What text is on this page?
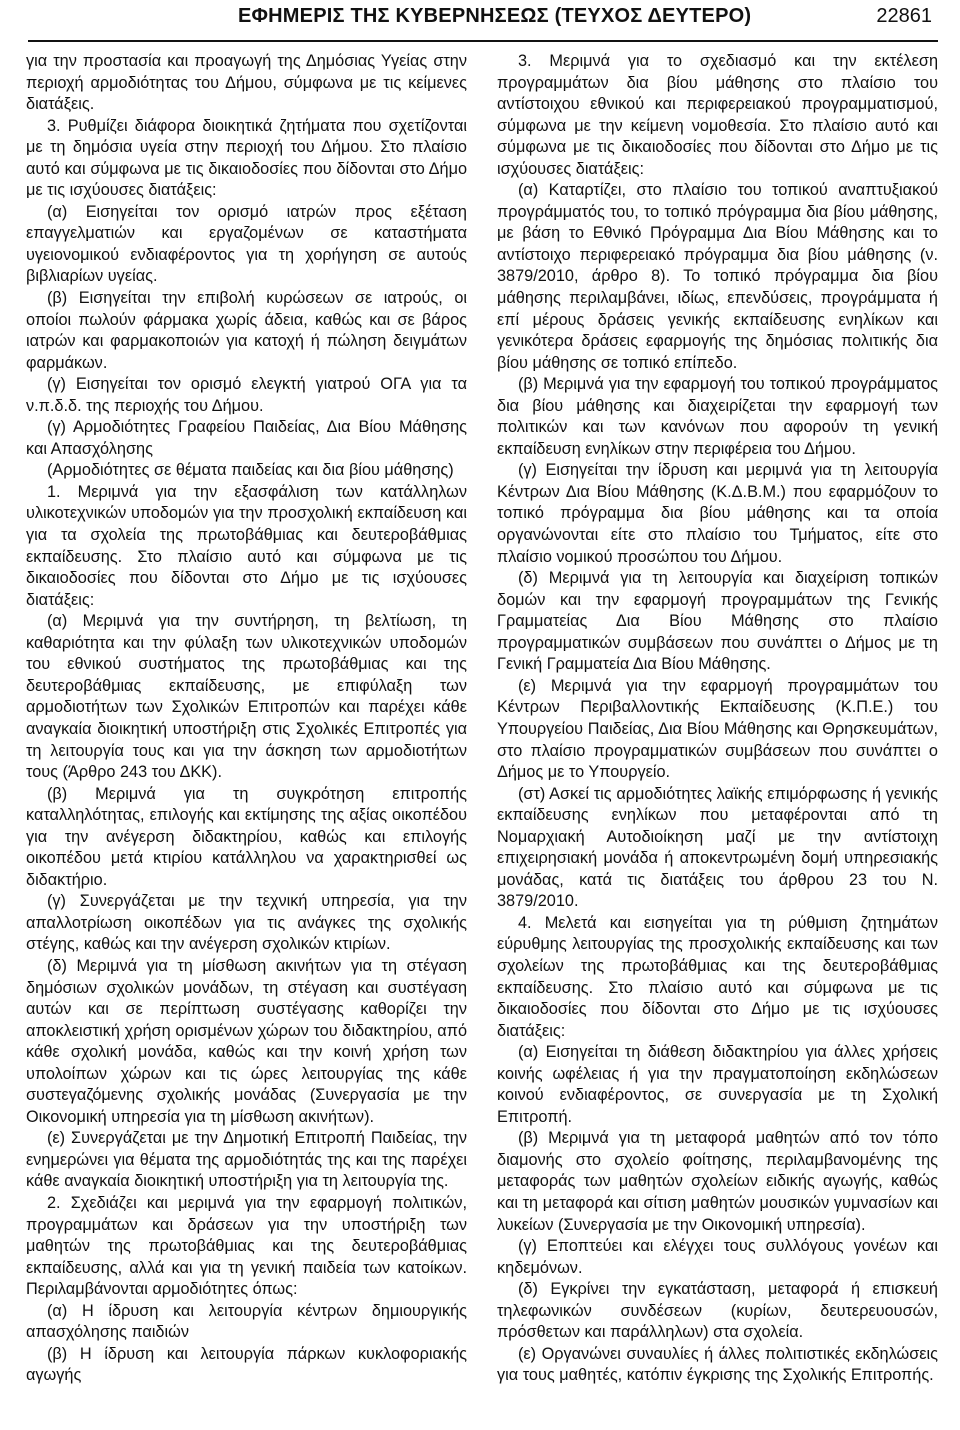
ΕΦΗΜΕΡΙΣ ΤΗΣ ΚΥΒΕΡΝΗΣΕΩΣ (ΤΕΥΧΟΣ ΔΕΥΤΕΡΟ)	22861

για την προστασία και προαγωγή της Δημόσιας Υγείας στην περιοχή αρμοδιότητας του Δήμου, σύμφωνα με τις κείμενες διατάξεις.

3. Ρυθμίζει διάφορα διοικητικά ζητήματα που σχετίζονται με τη δημόσια υγεία στην περιοχή του Δήμου. Στο πλαίσιο αυτό και σύμφωνα με τις δικαιοδοσίες που δίδονται στο Δήμο με τις ισχύουσες διατάξεις:

(α) Εισηγείται τον ορισμό ιατρών προς εξέταση επαγγελματιών και εργαζομένων σε καταστήματα υγειονομικού ενδιαφέροντος για τη χορήγηση σε αυτούς βιβλιαρίων υγείας.

(β) Εισηγείται την επιβολή κυρώσεων σε ιατρούς, οι οποίοι πωλούν φάρμακα χωρίς άδεια, καθώς και σε βάρος ιατρών και φαρμακοποιών για κατοχή ή πώληση δειγμάτων φαρμάκων.

(γ) Εισηγείται τον ορισμό ελεγκτή γιατρού ΟΓΑ για τα ν.π.δ.δ. της περιοχής του Δήμου.

(γ) Αρμοδιότητες Γραφείου Παιδείας, Δια Βίου Μάθησης και Απασχόλησης

(Αρμοδιότητες σε θέματα παιδείας και δια βίου μάθησης)

1. Μεριμνά για την εξασφάλιση των κατάλληλων υλικοτεχνικών υποδομών για την προσχολική εκπαίδευση και για τα σχολεία της πρωτοβάθμιας και δευτεροβάθμιας εκπαίδευσης. Στο πλαίσιο αυτό και σύμφωνα με τις δικαιοδοσίες που δίδονται στο Δήμο με τις ισχύουσες διατάξεις:

(α) Μεριμνά για την συντήρηση, τη βελτίωση, τη καθαριότητα και την φύλαξη των υλικοτεχνικών υποδομών του εθνικού συστήματος της πρωτοβάθμιας και της δευτεροβάθμιας εκπαίδευσης, με επιφύλαξη των αρμοδιοτήτων των Σχολικών Επιτροπών και παρέχει κάθε αναγκαία διοικητική υποστήριξη στις Σχολικές Επιτροπές για τη λειτουργία τους και για την άσκηση των αρμοδιοτήτων τους (Άρθρο 243 του ΔΚΚ).

(β) Μεριμνά για τη συγκρότηση επιτροπής καταλληλότητας, επιλογής και εκτίμησης της αξίας οικοπέδου για την ανέγερση διδακτηρίου, καθώς και επιλογής οικοπέδου μετά κτιρίου κατάλληλου να χαρακτηρισθεί ως διδακτήριο.

(γ) Συνεργάζεται με την τεχνική υπηρεσία, για την απαλλοτρίωση οικοπέδων για τις ανάγκες της σχολικής στέγης, καθώς και την ανέγερση σχολικών κτιρίων.

(δ) Μεριμνά για τη μίσθωση ακινήτων για τη στέγαση δημόσιων σχολικών μονάδων, τη στέγαση και συστέγαση αυτών και σε περίπτωση συστέγασης καθορίζει την αποκλειστική χρήση ορισμένων χώρων του διδακτηρίου, από κάθε σχολική μονάδα, καθώς και την κοινή χρήση των υπολοίπων χώρων και τις ώρες λειτουργίας της κάθε συστεγαζόμενης σχολικής μονάδας (Συνεργασία με την Οικονομική υπηρεσία για τη μίσθωση ακινήτων).

(ε) Συνεργάζεται με την Δημοτική Επιτροπή Παιδείας, την ενημερώνει για θέματα της αρμοδιότητάς της και της παρέχει κάθε αναγκαία διοικητική υποστήριξη για τη λειτουργία της.

2. Σχεδιάζει και μεριμνά για την εφαρμογή πολιτικών, προγραμμάτων και δράσεων για την υποστήριξη των μαθητών της πρωτοβάθμιας και της δευτεροβάθμιας εκπαίδευσης, αλλά και για τη γενική παιδεία των κατοίκων. Περιλαμβάνονται αρμοδιότητες όπως:

(α) Η ίδρυση και λειτουργία κέντρων δημιουργικής απασχόλησης παιδιών

(β) Η ίδρυση και λειτουργία πάρκων κυκλοφοριακής αγωγής

3. Μεριμνά για το σχεδιασμό και την εκτέλεση προγραμμάτων δια βίου μάθησης στο πλαίσιο του αντίστοιχου εθνικού και περιφερειακού προγραμματισμού, σύμφωνα με την κείμενη νομοθεσία. Στο πλαίσιο αυτό και σύμφωνα με τις δικαιοδοσίες που δίδονται στο Δήμο με τις ισχύουσες διατάξεις:

(α) Καταρτίζει, στο πλαίσιο του τοπικού αναπτυξιακού προγράμματός του, το τοπικό πρόγραμμα δια βίου μάθησης, με βάση το Εθνικό Πρόγραμμα Δια Βίου Μάθησης και το αντίστοιχο περιφερειακό πρόγραμμα δια βίου μάθησης (ν. 3879/2010, άρθρο 8). Το τοπικό πρόγραμμα δια βίου μάθησης περιλαμβάνει, ιδίως, επενδύσεις, προγράμματα ή επί μέρους δράσεις γενικής εκπαίδευσης ενηλίκων και γενικότερα δράσεις εφαρμογής της δημόσιας πολιτικής δια βίου μάθησης σε τοπικό επίπεδο.

(β) Μεριμνά για την εφαρμογή του τοπικού προγράμματος δια βίου μάθησης και διαχειρίζεται την εφαρμογή των πολιτικών και των κανόνων που αφορούν τη γενική εκπαίδευση ενηλίκων στην περιφέρεια του Δήμου.

(γ) Εισηγείται την ίδρυση και μεριμνά για τη λειτουργία Κέντρων Δια Βίου Μάθησης (Κ.Δ.Β.Μ.) που εφαρμόζουν το τοπικό πρόγραμμα δια βίου μάθησης και τα οποία οργανώνονται είτε στο πλαίσιο του Τμήματος, είτε στο πλαίσιο νομικού προσώπου του Δήμου.

(δ) Μεριμνά για τη λειτουργία και διαχείριση τοπικών δομών και την εφαρμογή προγραμμάτων της Γενικής Γραμματείας Δια Βίου Μάθησης στο πλαίσιο προγραμματικών συμβάσεων που συνάπτει ο Δήμος με τη Γενική Γραμματεία Δια Βίου Μάθησης.

(ε) Μεριμνά για την εφαρμογή προγραμμάτων του Κέντρων Περιβαλλοντικής Εκπαίδευσης (Κ.Π.Ε.) του Υπουργείου Παιδείας, Δια Βίου Μάθησης και Θρησκευμάτων, στο πλαίσιο προγραμματικών συμβάσεων που συνάπτει ο Δήμος με το Υπουργείο.

(στ) Ασκεί τις αρμοδιότητες λαϊκής επιμόρφωσης ή γενικής εκπαίδευσης ενηλίκων που μεταφέρονται από τη Νομαρχιακή Αυτοδιοίκηση μαζί με την αντίστοιχη επιχειρησιακή μονάδα ή αποκεντρωμένη δομή υπηρεσιακής μονάδας, κατά τις διατάξεις του άρθρου 23 του Ν. 3879/2010.

4. Μελετά και εισηγείται για τη ρύθμιση ζητημάτων εύρυθμης λειτουργίας της προσχολικής εκπαίδευσης και των σχολείων της πρωτοβάθμιας και της δευτεροβάθμιας εκπαίδευσης. Στο πλαίσιο αυτό και σύμφωνα με τις δικαιοδοσίες που δίδονται στο Δήμο με τις ισχύουσες διατάξεις:

(α) Εισηγείται τη διάθεση διδακτηρίου για άλλες χρήσεις κοινής ωφέλειας ή για την πραγματοποίηση εκδηλώσεων κοινού ενδιαφέροντος, σε συνεργασία με τη Σχολική Επιτροπή.

(β) Μεριμνά για τη μεταφορά μαθητών από τον τόπο διαμονής στο σχολείο φοίτησης, περιλαμβανομένης της μεταφοράς των μαθητών σχολείων ειδικής αγωγής, καθώς και τη μεταφορά και σίτιση μαθητών μουσικών γυμνασίων και λυκείων (Συνεργασία με την Οικονομική υπηρεσία).

(γ) Εποπτεύει και ελέγχει τους συλλόγους γονέων και κηδεμόνων.

(δ) Εγκρίνει την εγκατάσταση, μεταφορά ή επισκευή τηλεφωνικών συνδέσεων (κυρίων, δευτερευουσών, πρόσθετων και παράλληλων) στα σχολεία.

(ε) Οργανώνει συναυλίες ή άλλες πολιτιστικές εκδηλώσεις για τους μαθητές, κατόπιν έγκρισης της Σχολικής Επιτροπής.
